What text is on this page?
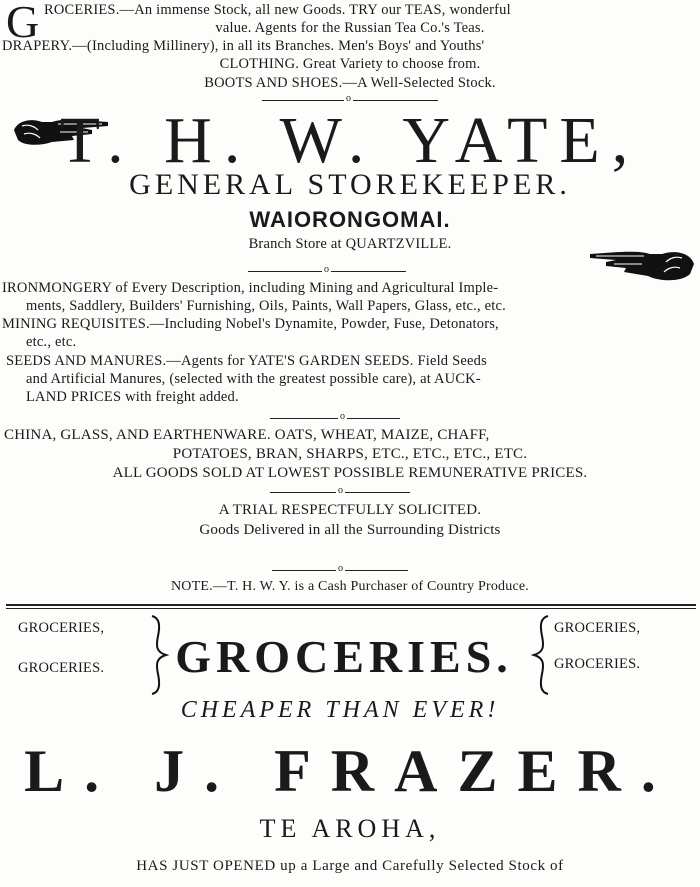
G ROCERIES.—An immense Stock, all new Goods. TRY our TEAS, wonderful
value. Agents for the Russian Tea Co.'s Teas.
DRAPERY.—(Including Millinery), in all its Branches. Men's Boys' and Youths'
CLOTHING. Great Variety to choose from.
BOOTS AND SHOES.—A Well-Selected Stock.
o
T. H. W. YATE,
GENERAL STOREKEEPER.
WAIORONGOMAI.
Branch Store at QUARTZVILLE.
o
IRONMONGERY of Every Description, including Mining and Agricultural Imple-
ments, Saddlery, Builders' Furnishing, Oils, Paints, Wall Papers, Glass, etc., etc.
MINING REQUISITES.—Including Nobel's Dynamite, Powder, Fuse, Detonators,
etc., etc.
SEEDS AND MANURES.—Agents for YATE'S GARDEN SEEDS. Field Seeds
and Artificial Manures, (selected with the greatest possible care), at AUCK-
LAND PRICES with freight added.
o
CHINA, GLASS, AND EARTHENWARE. OATS, WHEAT, MAIZE, CHAFF,
POTATOES, BRAN, SHARPS, ETC., ETC., ETC., ETC.
ALL GOODS SOLD AT LOWEST POSSIBLE REMUNERATIVE PRICES.
o
A TRIAL RESPECTFULLY SOLICITED.
Goods Delivered in all the Surrounding Districts
o
NOTE.—T. H. W. Y. is a Cash Purchaser of Country Produce.
GROCERIES,
GROCERIES.	GROCERIES.
GROCERIES,
GROCERIES.
CHEAPER THAN EVER!
L. J. FRAZER.
TE AROHA,
HAS JUST OPENED up a Large and Carefully Selected Stock of
